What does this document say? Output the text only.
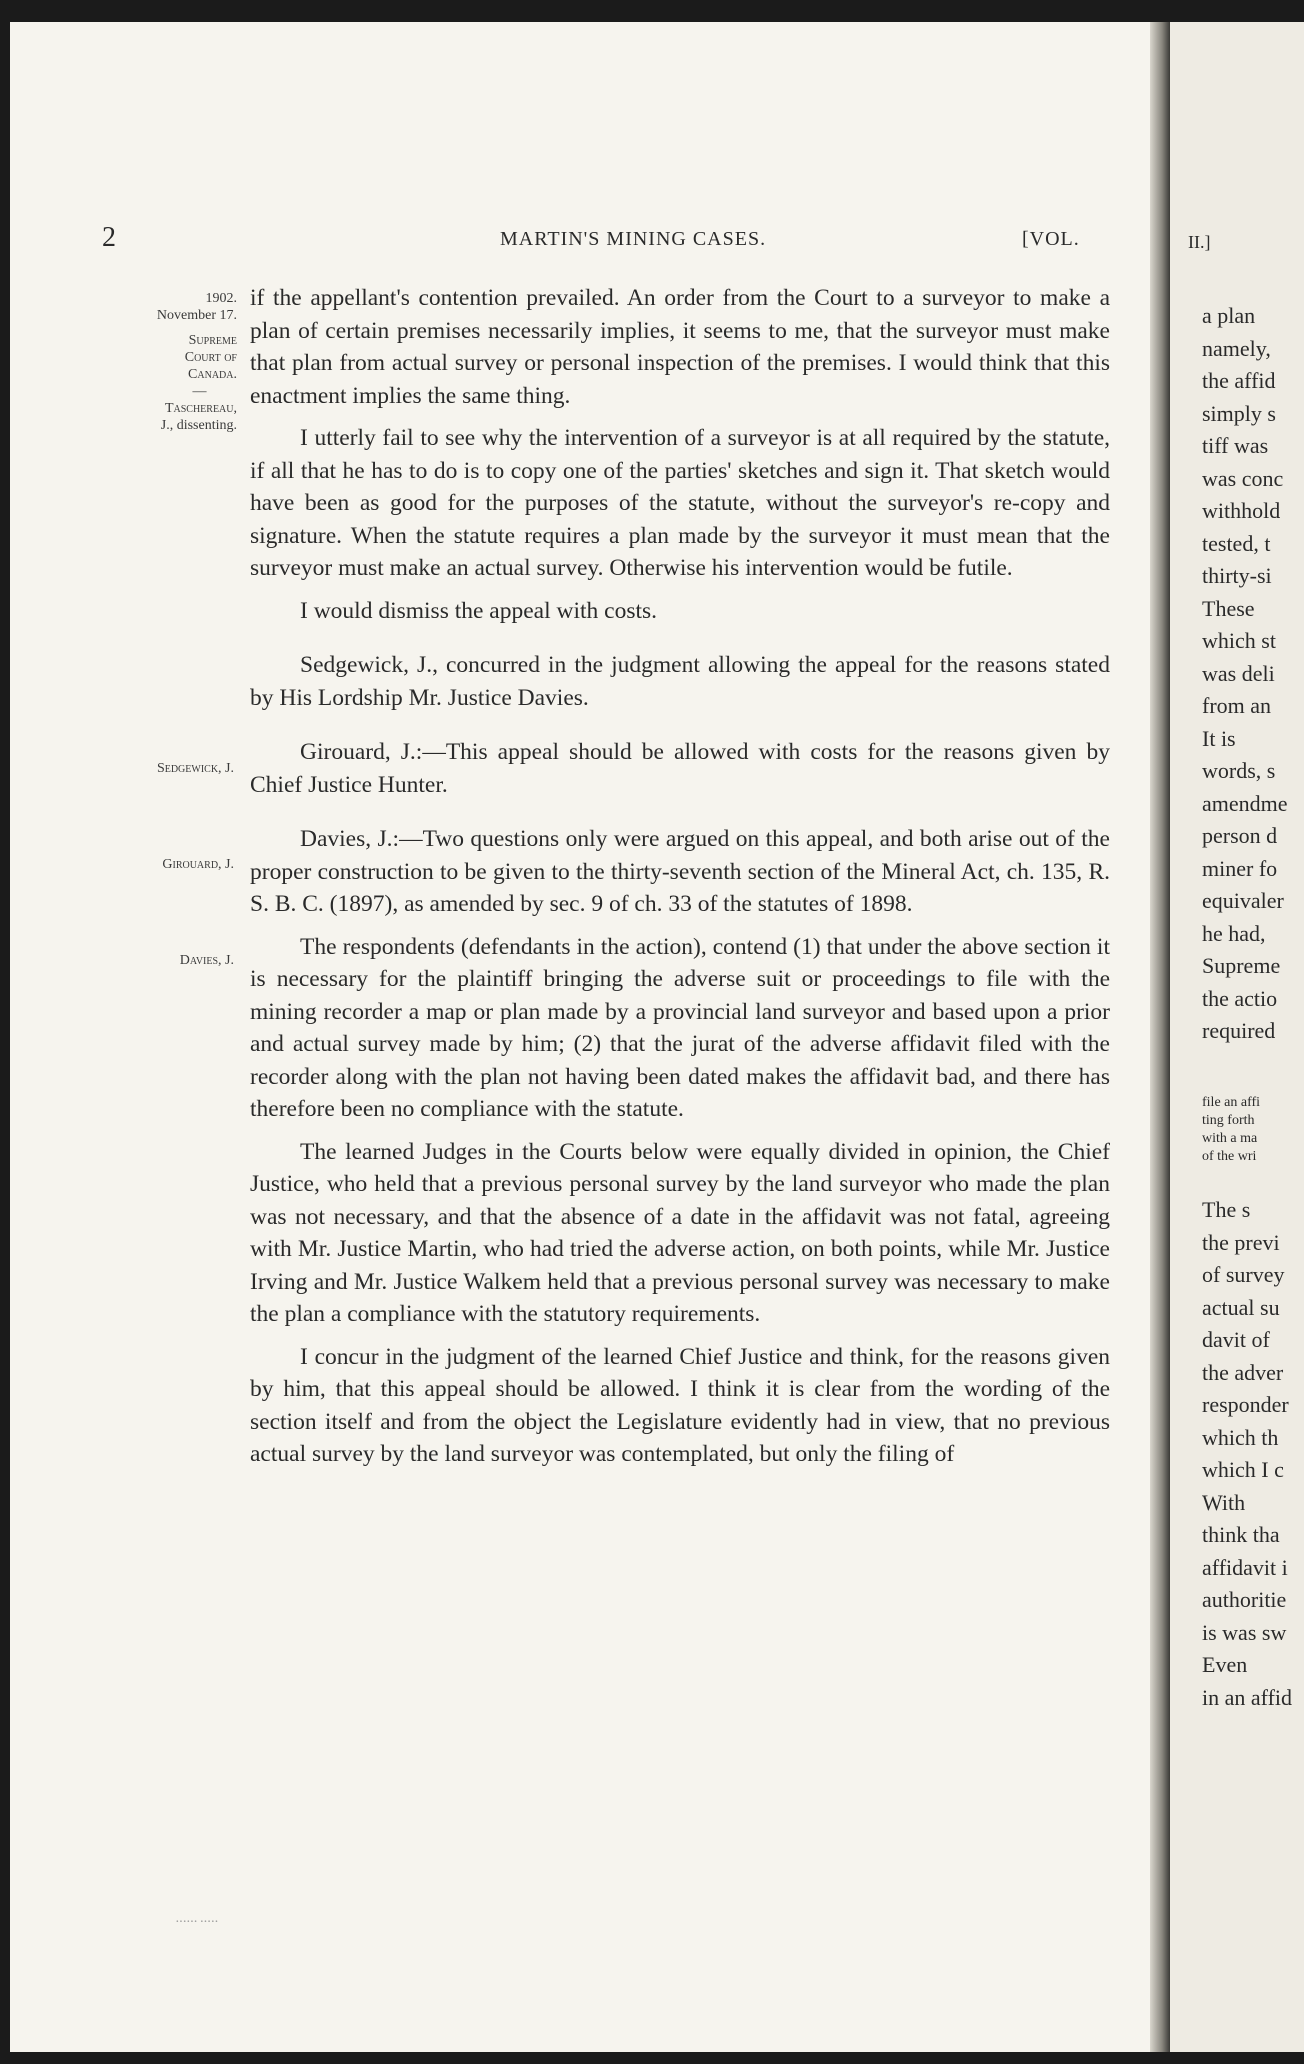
2	MARTIN'S MINING CASES.	[VOL.
1902.
November 17.
Supreme
Court of
Canada.
—
Taschereau,
J., dissenting.
Sedgewick, J.
Girouard, J.
Davies, J.

if the appellant's contention prevailed. An order from the Court to a surveyor to make a plan of certain premises necessarily implies, it seems to me, that the surveyor must make that plan from actual survey or personal inspection of the premises. I would think that this enactment implies the same thing.

I utterly fail to see why the intervention of a surveyor is at all required by the statute, if all that he has to do is to copy one of the parties' sketches and sign it. That sketch would have been as good for the purposes of the statute, without the surveyor's re-copy and signature. When the statute requires a plan made by the surveyor it must mean that the surveyor must make an actual survey. Otherwise his intervention would be futile.

I would dismiss the appeal with costs.

Sedgewick, J., concurred in the judgment allowing the appeal for the reasons stated by His Lordship Mr. Justice Davies.

Girouard, J.:—This appeal should be allowed with costs for the reasons given by Chief Justice Hunter.

Davies, J.:—Two questions only were argued on this appeal, and both arise out of the proper construction to be given to the thirty-seventh section of the Mineral Act, ch. 135, R. S. B. C. (1897), as amended by sec. 9 of ch. 33 of the statutes of 1898.

The respondents (defendants in the action), contend (1) that under the above section it is necessary for the plaintiff bringing the adverse suit or proceedings to file with the mining recorder a map or plan made by a provincial land surveyor and based upon a prior and actual survey made by him; (2) that the jurat of the adverse affidavit filed with the recorder along with the plan not having been dated makes the affidavit bad, and there has therefore been no compliance with the statute.

The learned Judges in the Courts below were equally divided in opinion, the Chief Justice, who held that a previous personal survey by the land surveyor who made the plan was not necessary, and that the absence of a date in the affidavit was not fatal, agreeing with Mr. Justice Martin, who had tried the adverse action, on both points, while Mr. Justice Irving and Mr. Justice Walkem held that a previous personal survey was necessary to make the plan a compliance with the statutory requirements.

I concur in the judgment of the learned Chief Justice and think, for the reasons given by him, that this appeal should be allowed. I think it is clear from the wording of the section itself and from the object the Legislature evidently had in view, that no previous actual survey by the land surveyor was contemplated, but only the filing of

······ ·····
II.]
a plan
namely,
the affid
simply s
tiff was
was conc
withhold
tested, t
thirty-si
These
which st
was deli
from an
It is
words, s
amendme
person d
miner fo
equivaler
he had,
Supreme
the actio
required
file an affi
ting forth
with a ma
of the wri
The s
the previ
of survey
actual su
davit of
the adver
responder
which th
which I c
With
think tha
affidavit i
authoritie
is was sw
Even
in an affid
